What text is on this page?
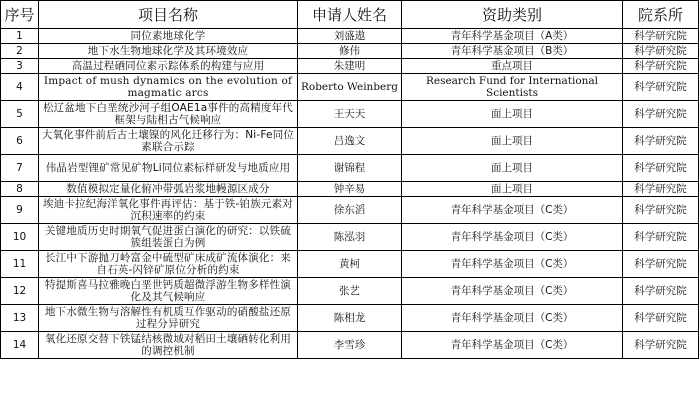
序号	项目名称	申请人姓名	资助类别	院系所
1	同位素地球化学	刘盛遨	青年科学基金项目（A类）	科学研究院
2	地下水生物地球化学及其环境效应	修伟	青年科学基金项目（B类）	科学研究院
3	高温过程硒同位素示踪体系的构建与应用	朱建明	重点项目	科学研究院
4	Impact of mush dynamics on the evolution of magmatic arcs	Roberto Weinberg	Research Fund for International Scientists	科学研究院
5	松辽盆地下白垩统沙河子组OAE1a事件的高精度年代框架与陆相古气候响应	王天天	面上项目	科学研究院
6	大氧化事件前后古土壤镍的风化迁移行为：Ni-Fe同位素联合示踪	吕逸文	面上项目	科学研究院
7	伟晶岩型锂矿常见矿物Li同位素标样研发与地质应用	谢锦程	面上项目	科学研究院
8	数值模拟定量化俯冲带弧岩浆地幔源区成分	钟辛易	面上项目	科学研究院
9	埃迪卡拉纪海洋氧化事件再评估：基于铁-铂族元素对沉积速率的约束	徐东滔	青年科学基金项目（C类）	科学研究院
10	关键地质历史时期氧气促进蛋白演化的研究：以铁硫簇组装蛋白为例	陈泓羽	青年科学基金项目（C类）	科学研究院
11	长江中下游抛刀岭富金中硫型矿床成矿流体演化：来自石英-闪锌矿原位分析的约束	黄柯	青年科学基金项目（C类）	科学研究院
12	特提斯喜马拉雅晚白垩世钙质超微浮游生物多样性演化及其气候响应	张艺	青年科学基金项目（C类）	科学研究院
13	地下水微生物与溶解性有机质互作驱动的硝酸盐还原过程分异研究	陈相龙	青年科学基金项目（C类）	科学研究院
14	氧化还原交替下铁锰结核微域对稻田土壤硒转化利用的调控机制	李雪珍	青年科学基金项目（C类）	科学研究院
